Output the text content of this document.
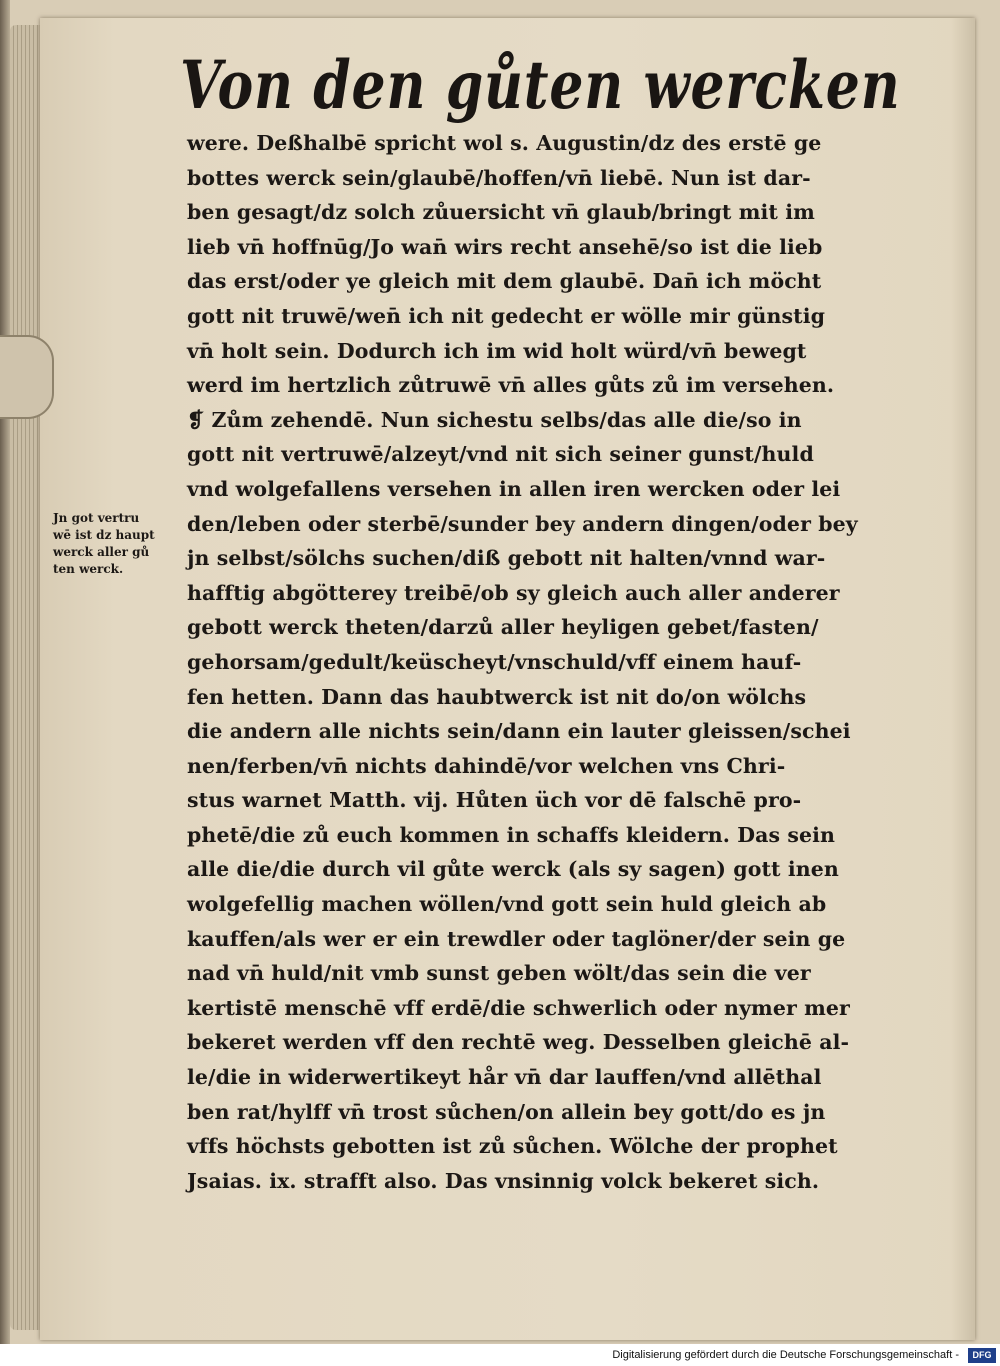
Von den gůten wercken
Jn got vertru
wē ist dz haupt
werck aller gů
ten werck.
were. Deßhalbē spricht wol s. Augustin/dz des erstē ge
bottes werck sein/glaubē/hoffen/vn̄ liebē. Nun ist dar-
ben gesagt/dz solch zůuersicht vn̄ glaub/bringt mit im
lieb vn̄ hoffnūg/Jo wan̄ wirs recht ansehē/so ist die lieb
das erst/oder ye gleich mit dem glaubē. Dan̄ ich möcht
gott nit truwē/wen̄ ich nit gedecht er wölle mir günstig
vn̄ holt sein. Dodurch ich im wid holt würd/vn̄ bewegt
werd im hertzlich zůtruwē vn̄ alles gůts zů im versehen.
❡ Zům zehendē. Nun sichestu selbs/das alle die/so in
gott nit vertruwē/alzeyt/vnd nit sich seiner gunst/huld
vnd wolgefallens versehen in allen iren wercken oder lei
den/leben oder sterbē/sunder bey andern dingen/oder bey
jn selbst/sölchs suchen/diß gebott nit halten/vnnd war-
hafftig abgötterey treibē/ob sy gleich auch aller anderer
gebott werck theten/darzů aller heyligen gebet/fasten/
gehorsam/gedult/keüscheyt/vnschuld/vff einem hauf-
fen hetten. Dann das haubtwerck ist nit do/on wölchs
die andern alle nichts sein/dann ein lauter gleissen/schei
nen/ferben/vn̄ nichts dahindē/vor welchen vns Chri-
stus warnet Matth. vij. Hůten üch vor dē falschē pro-
phetē/die zů euch kommen in schaffs kleidern. Das sein
alle die/die durch vil gůte werck (als sy sagen) gott inen
wolgefellig machen wöllen/vnd gott sein huld gleich ab
kauffen/als wer er ein trewdler oder taglöner/der sein ge
nad vn̄ huld/nit vmb sunst geben wölt/das sein die ver
kertistē menschē vff erdē/die schwerlich oder nymer mer
bekeret werden vff den rechtē weg. Desselben gleichē al-
le/die in widerwertikeyt hår vn̄ dar lauffen/vnd allēthal
ben rat/hylff vn̄ trost sůchen/on allein bey gott/do es jn
vffs höchsts gebotten ist zů sůchen. Wölche der prophet
Jsaias. ix. strafft also. Das vnsinnig volck bekeret sich.
Digitalisierung gefördert durch die Deutsche Forschungsgemeinschaft -	DFG
